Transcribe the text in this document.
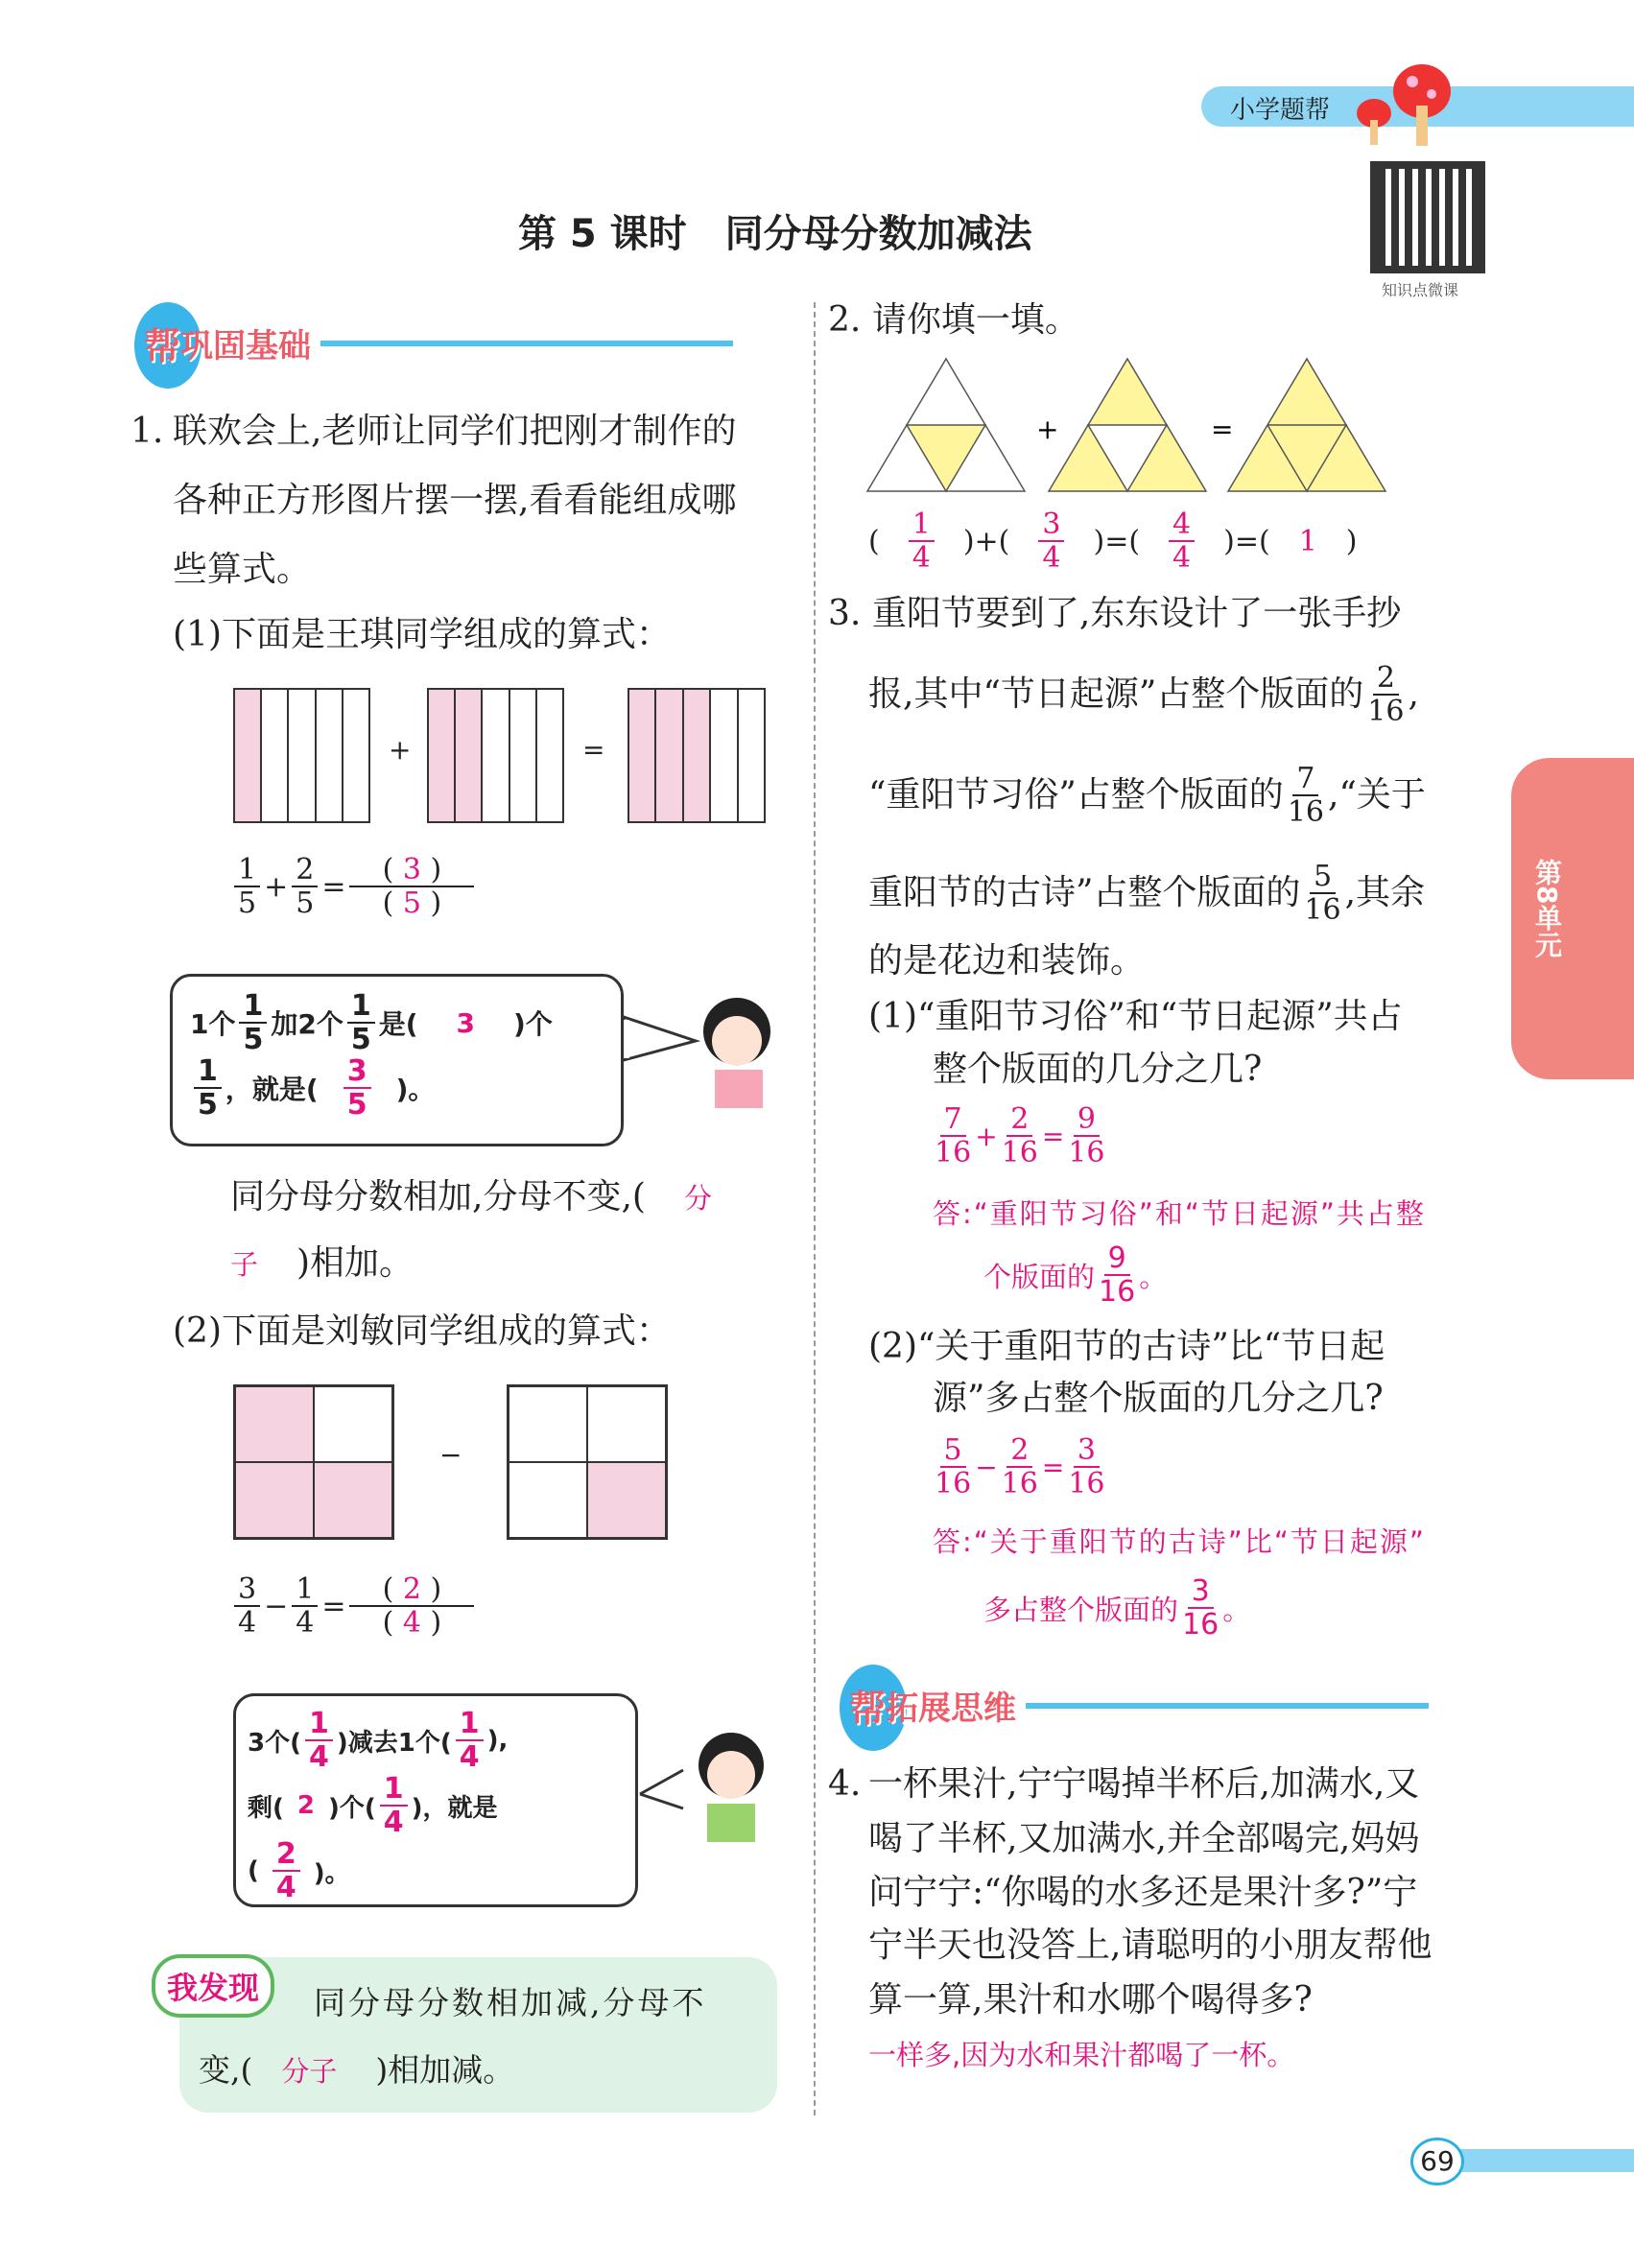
小学题帮
知识点微课
第 5 课时　同分母分数加减法
帮 巩固基础
1. 联欢会上,老师让同学们把刚才制作的
各种正方形图片摆一摆,看看能组成哪
些算式。
(1)下面是王琪同学组成的算式：
+	=
1
$5 + \frac{2}{5} = \frac{( 3 )}{( 5 )}$
1个
1
5 加2个
1
5 是( 3 )个
1
5 ，就是(
3
5 )。
同分母分数相加,分母不变,( 分
子 )相加。
(2)下面是刘敏同学组成的算式：
−
3
$4 - \frac{1}{4} = \frac{( 2 )}{( 4 )}$
3个(
1
4 )减去1个(
1
4 ),
剩( 2 )个(
1
4 )，就是
( 2
4 )。
我发现	同分母分数相加减,分母不
变,( 分子 )相加减。
2. 请你填一填。
+	=
( 1
4 ) +( 3
4 ) =( 4
4 ) =( 1 )
3. 重阳节要到了,东东设计了一张手抄
报,其中“节日起源”占整个版面的 2
16 ,
“重阳节习俗”占整个版面的 7
16 ,“关于
重阳节的古诗”占整个版面的 5
16 ,其余
的是花边和装饰。
(1)“重阳节习俗”和“节日起源”共占
整个版面的几分之几?
7
$16 + \frac{2}{16} = \frac{9}{16}$
答:“重阳节习俗”和“节日起源”共占整
个版面的
9
16 。
(2)“关于重阳节的古诗”比“节日起
源”多占整个版面的几分之几?
5
$16 - \frac{2}{16} = \frac{3}{16}$
答:“关于重阳节的古诗”比“节日起源”
多占整个版面的
3
16 。
帮 拓展思维
4. 一杯果汁,宁宁喝掉半杯后,加满水,又
喝了半杯,又加满水,并全部喝完,妈妈
问宁宁:“你喝的水多还是果汁多?”宁
宁半天也没答上,请聪明的小朋友帮他
算一算,果汁和水哪个喝得多?
一样多,因为水和果汁都喝了一杯。
第8单元
69
